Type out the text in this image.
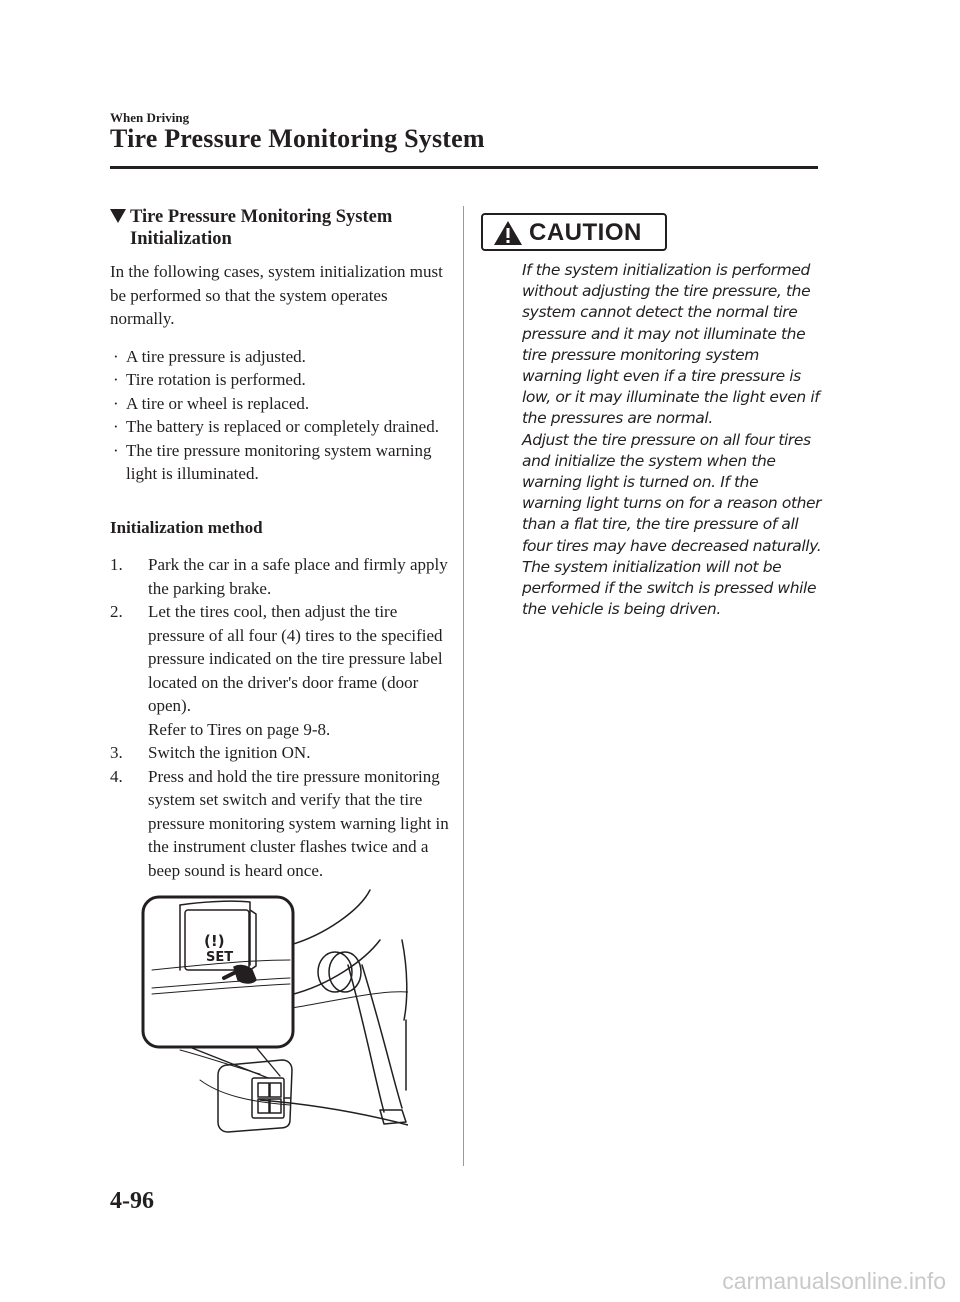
When Driving
Tire Pressure Monitoring System
Tire Pressure Monitoring System
Initialization
In the following cases, system initialization must be performed so that the system operates normally.
· A tire pressure is adjusted.
· Tire rotation is performed.
· A tire or wheel is replaced.
· The battery is replaced or completely drained.
· The tire pressure monitoring system warning light is illuminated.
Initialization method
1. Park the car in a safe place and firmly apply the parking brake.
2. Let the tires cool, then adjust the tire pressure of all four (4) tires to the specified pressure indicated on the tire pressure label located on the driver's door frame (door open).
Refer to Tires on page 9-8.
3. Switch the ignition ON.
4. Press and hold the tire pressure monitoring system set switch and verify that the tire pressure monitoring system warning light in the instrument cluster flashes twice and a beep sound is heard once.
(!)
SET
CAUTION

If the system initialization is performed without adjusting the tire pressure, the system cannot detect the normal tire pressure and it may not illuminate the tire pressure monitoring system warning light even if a tire pressure is low, or it may illuminate the light even if the pressures are normal.

Adjust the tire pressure on all four tires and initialize the system when the warning light is turned on. If the warning light turns on for a reason other than a flat tire, the tire pressure of all four tires may have decreased naturally.

The system initialization will not be performed if the switch is pressed while the vehicle is being driven.

4-96
carmanualsonline.info
